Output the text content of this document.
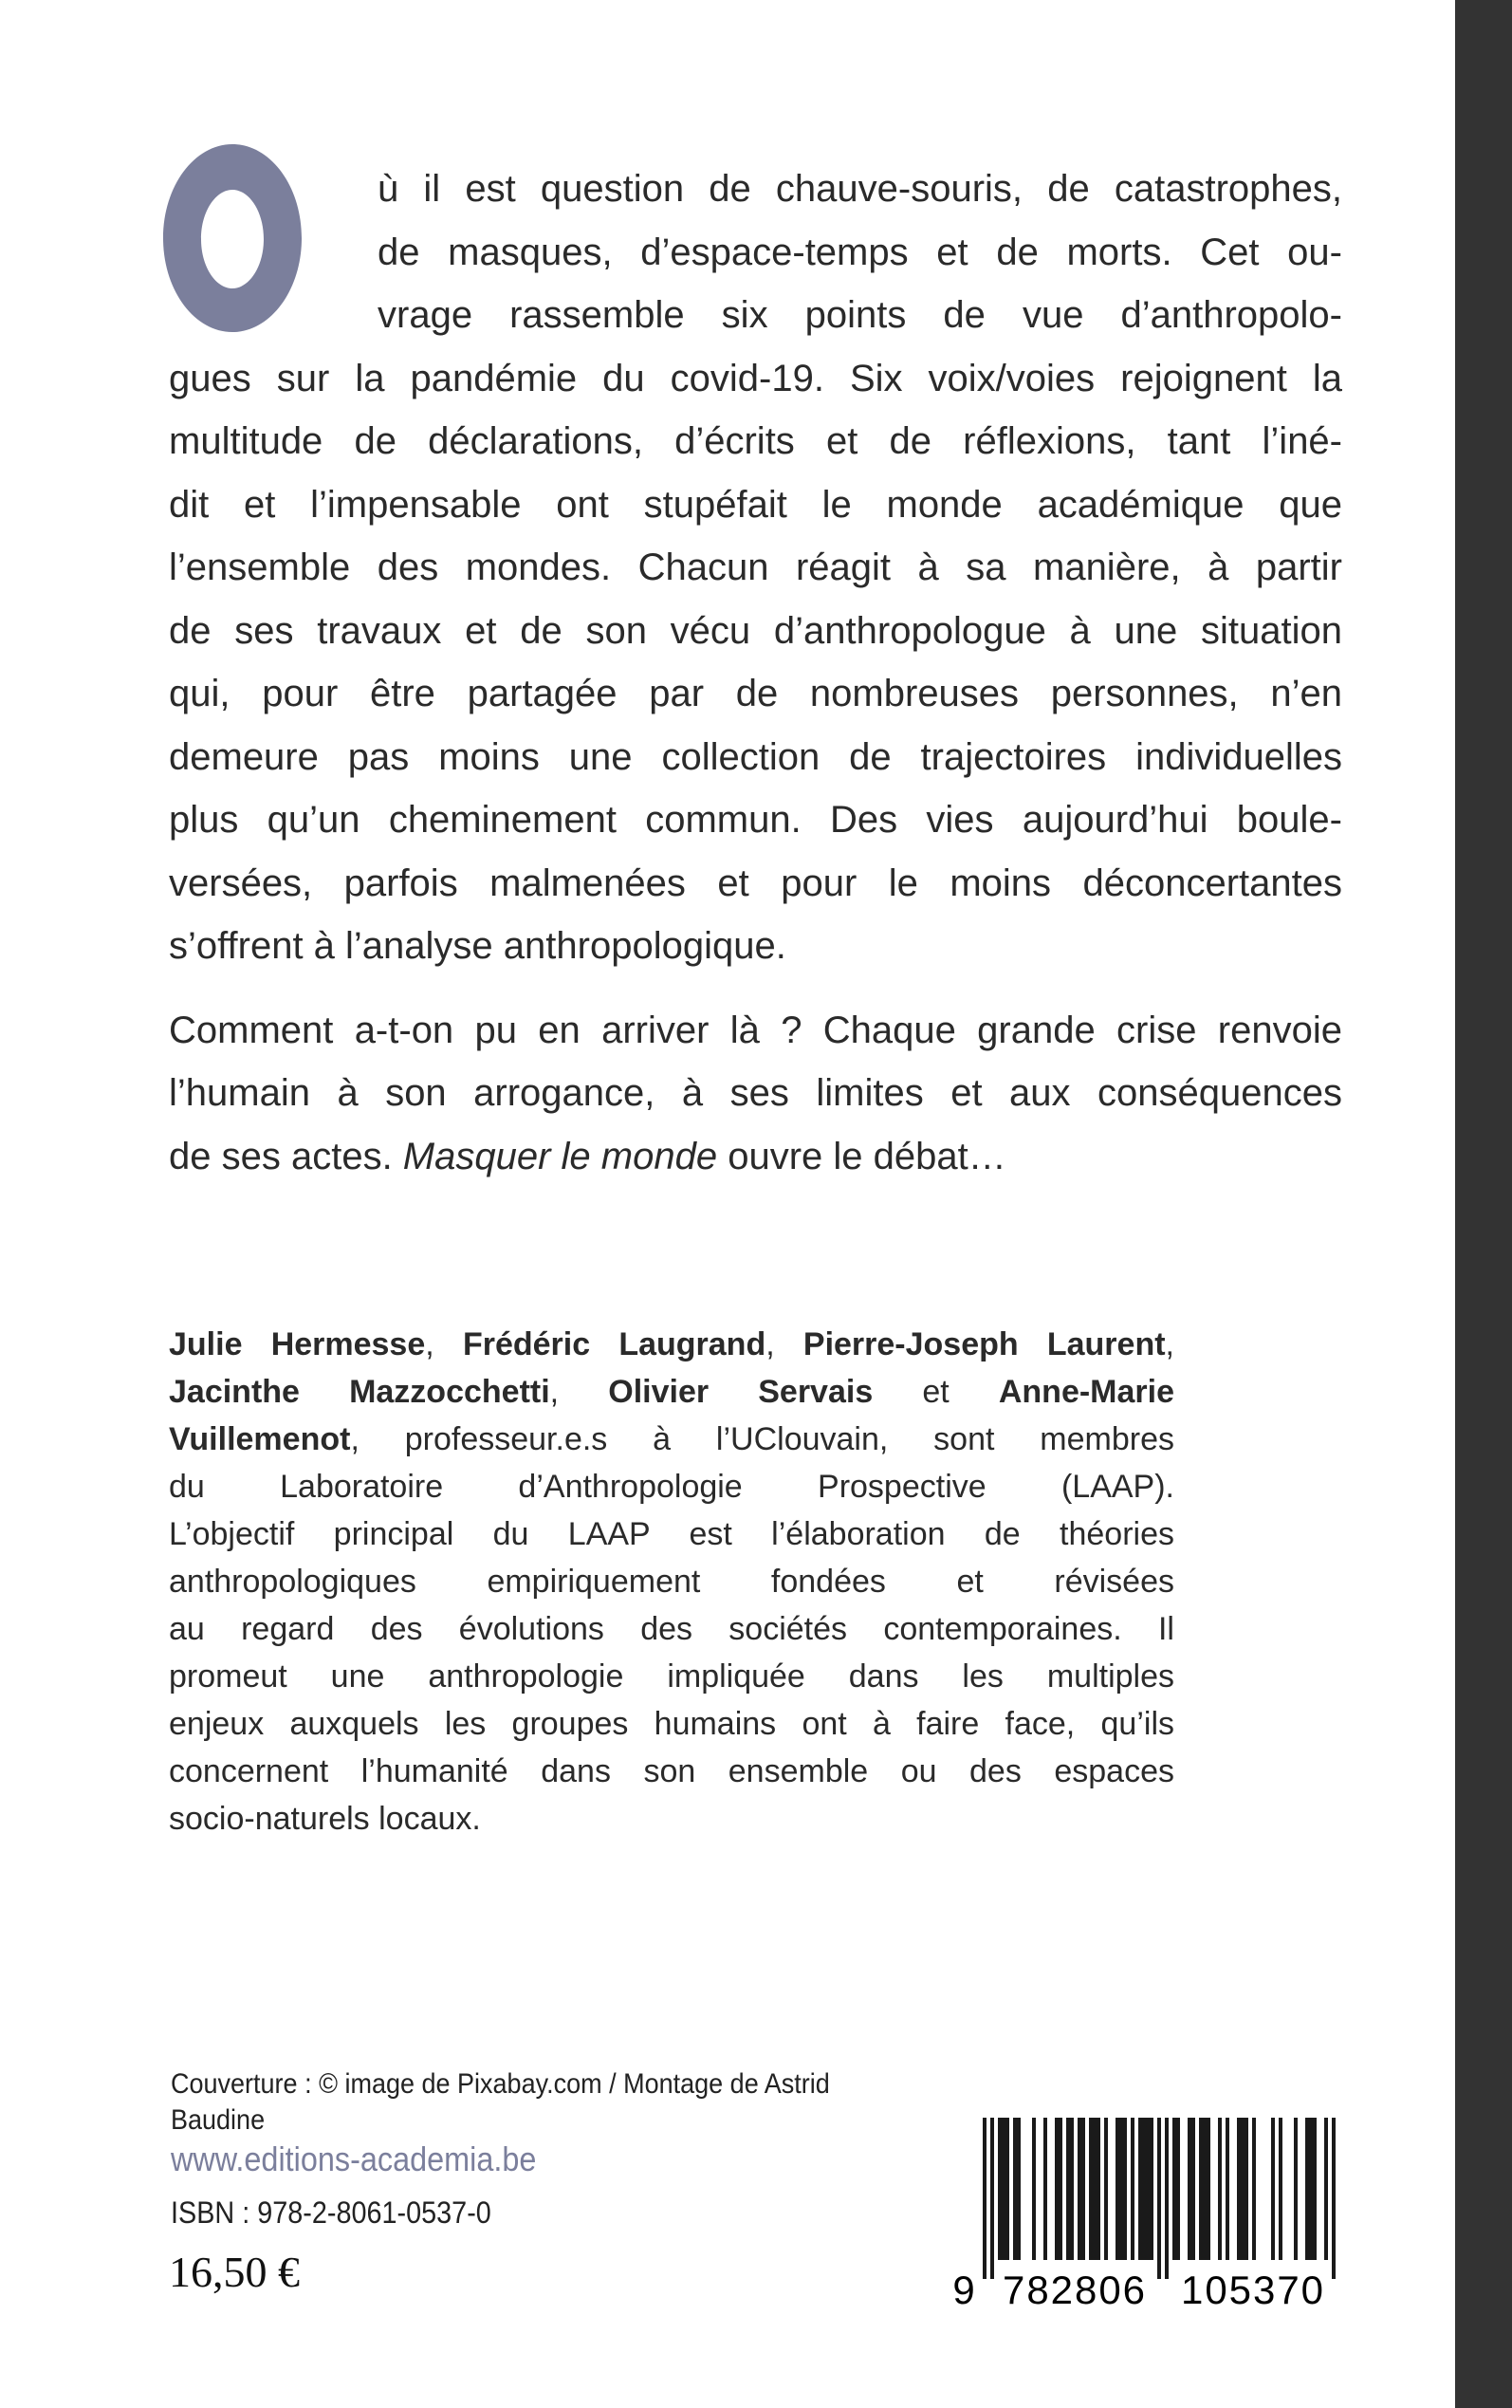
ù il est question de chauve-souris, de catastrophes,
de masques, d’espace-temps et de morts. Cet ou-
vrage rassemble six points de vue d’anthropolo-
gues sur la pandémie du covid-19. Six voix/voies rejoignent la
multitude de déclarations, d’écrits et de réflexions, tant l’iné-
dit et l’impensable ont stupéfait le monde académique que
l’ensemble des mondes. Chacun réagit à sa manière, à partir
de ses travaux et de son vécu d’anthropologue à une situation
qui, pour être partagée par de nombreuses personnes, n’en
demeure pas moins une collection de trajectoires individuelles
plus qu’un cheminement commun. Des vies aujourd’hui boule-
versées, parfois malmenées et pour le moins déconcertantes
s’offrent à l’analyse anthropologique.
Comment a-t-on pu en arriver là ? Chaque grande crise renvoie
l’humain à son arrogance, à ses limites et aux conséquences
de ses actes. Masquer le monde ouvre le débat…
Julie Hermesse, Frédéric Laugrand, Pierre-Joseph Laurent,
Jacinthe Mazzocchetti, Olivier Servais et Anne-Marie
Vuillemenot, professeur.e.s à l’UClouvain, sont membres
du Laboratoire d’Anthropologie Prospective (LAAP).
L’objectif principal du LAAP est l’élaboration de théories
anthropologiques empiriquement fondées et révisées
au regard des évolutions des sociétés contemporaines. Il
promeut une anthropologie impliquée dans les multiples
enjeux auxquels les groupes humains ont à faire face, qu’ils
concernent l’humanité dans son ensemble ou des espaces
socio-naturels locaux.
Couverture : © image de Pixabay.com / Montage de Astrid
Baudine
www.editions-academia.be
ISBN : 978-2-8061-0537-0
16,50 €	9 782806 105370
